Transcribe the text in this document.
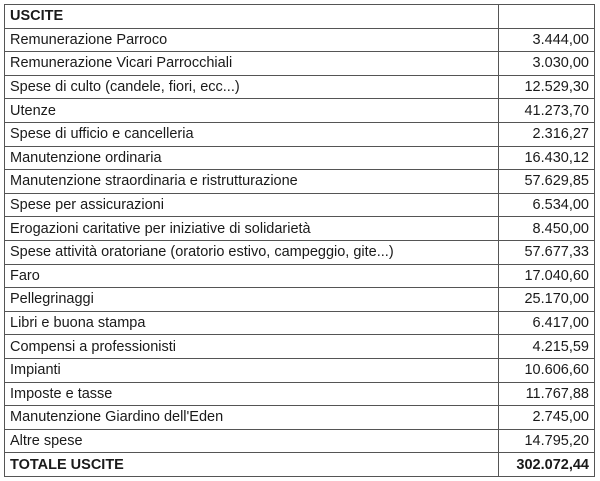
USCITE	
Remunerazione Parroco	3.444,00
Remunerazione Vicari Parrocchiali	3.030,00
Spese di culto (candele, fiori, ecc...)	12.529,30
Utenze	41.273,70
Spese di ufficio e cancelleria	2.316,27
Manutenzione ordinaria	16.430,12
Manutenzione straordinaria e ristrutturazione	57.629,85
Spese per assicurazioni	6.534,00
Erogazioni caritative per iniziative di solidarietà	8.450,00
Spese attività oratoriane (oratorio estivo, campeggio, gite...)	57.677,33
Faro	17.040,60
Pellegrinaggi	25.170,00
Libri e buona stampa	6.417,00
Compensi a professionisti	4.215,59
Impianti	10.606,60
Imposte e tasse	11.767,88
Manutenzione Giardino dell'Eden	2.745,00
Altre spese	14.795,20
TOTALE USCITE	302.072,44
